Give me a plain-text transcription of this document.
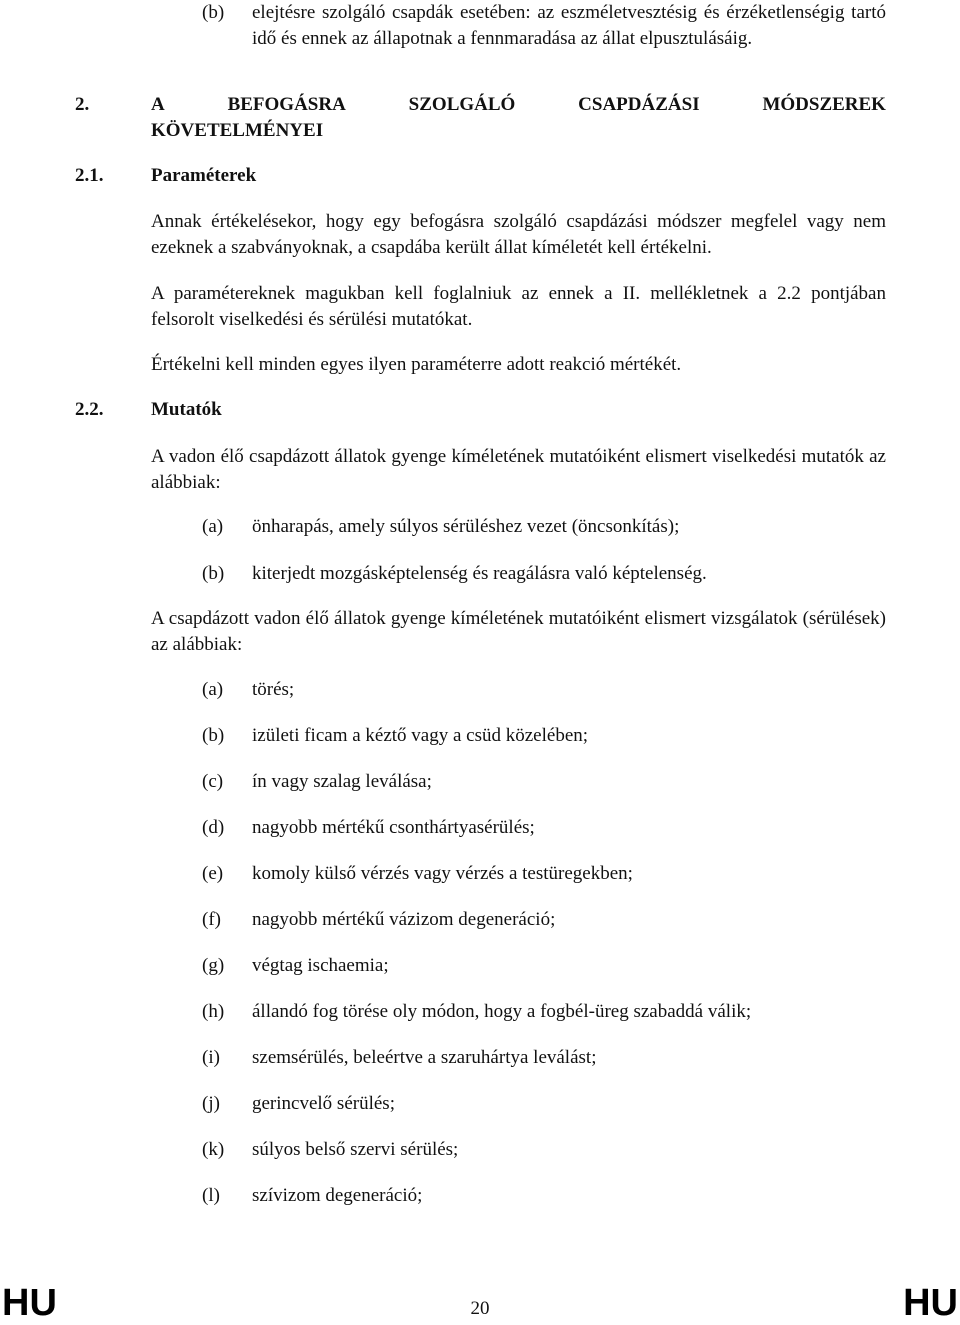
(b) elejtésre szolgáló csapdák esetében: az eszméletvesztésig és érzéketlenségig tartó idő és ennek az állapotnak a fennmaradása az állat elpusztulásáig.
2.	A	BEFOGÁSRA	SZOLGÁLÓ	CSAPDÁZÁSI	MÓDSZEREK
KÖVETELMÉNYEI
2.1.	Paraméterek
Annak értékelésekor, hogy egy befogásra szolgáló csapdázási módszer megfelel vagy nem ezeknek a szabványoknak, a csapdába került állat kíméletét kell értékelni.
A paramétereknek magukban kell foglalniuk az ennek a II. mellékletnek a 2.2 pontjában felsorolt viselkedési és sérülési mutatókat.
Értékelni kell minden egyes ilyen paraméterre adott reakció mértékét.
2.2.	Mutatók
A vadon élő csapdázott állatok gyenge kíméletének mutatóiként elismert viselkedési mutatók az alábbiak:
(a) önharapás, amely súlyos sérüléshez vezet (öncsonkítás);
(b) kiterjedt mozgásképtelenség és reagálásra való képtelenség.
A csapdázott vadon élő állatok gyenge kíméletének mutatóiként elismert vizsgálatok (sérülések) az alábbiak:
(a) törés;
(b) izületi ficam a kéztő vagy a csüd közelében;
(c) ín vagy szalag leválása;
(d) nagyobb mértékű csonthártyasérülés;
(e) komoly külső vérzés vagy vérzés a testüregekben;
(f) nagyobb mértékű vázizom degeneráció;
(g) végtag ischaemia;
(h) állandó fog törése oly módon, hogy a fogbél-üreg szabaddá válik;
(i) szemsérülés, beleértve a szaruhártya leválást;
(j) gerincvelő sérülés;
(k) súlyos belső szervi sérülés;
(l) szívizom degeneráció;
HU	20	HU
